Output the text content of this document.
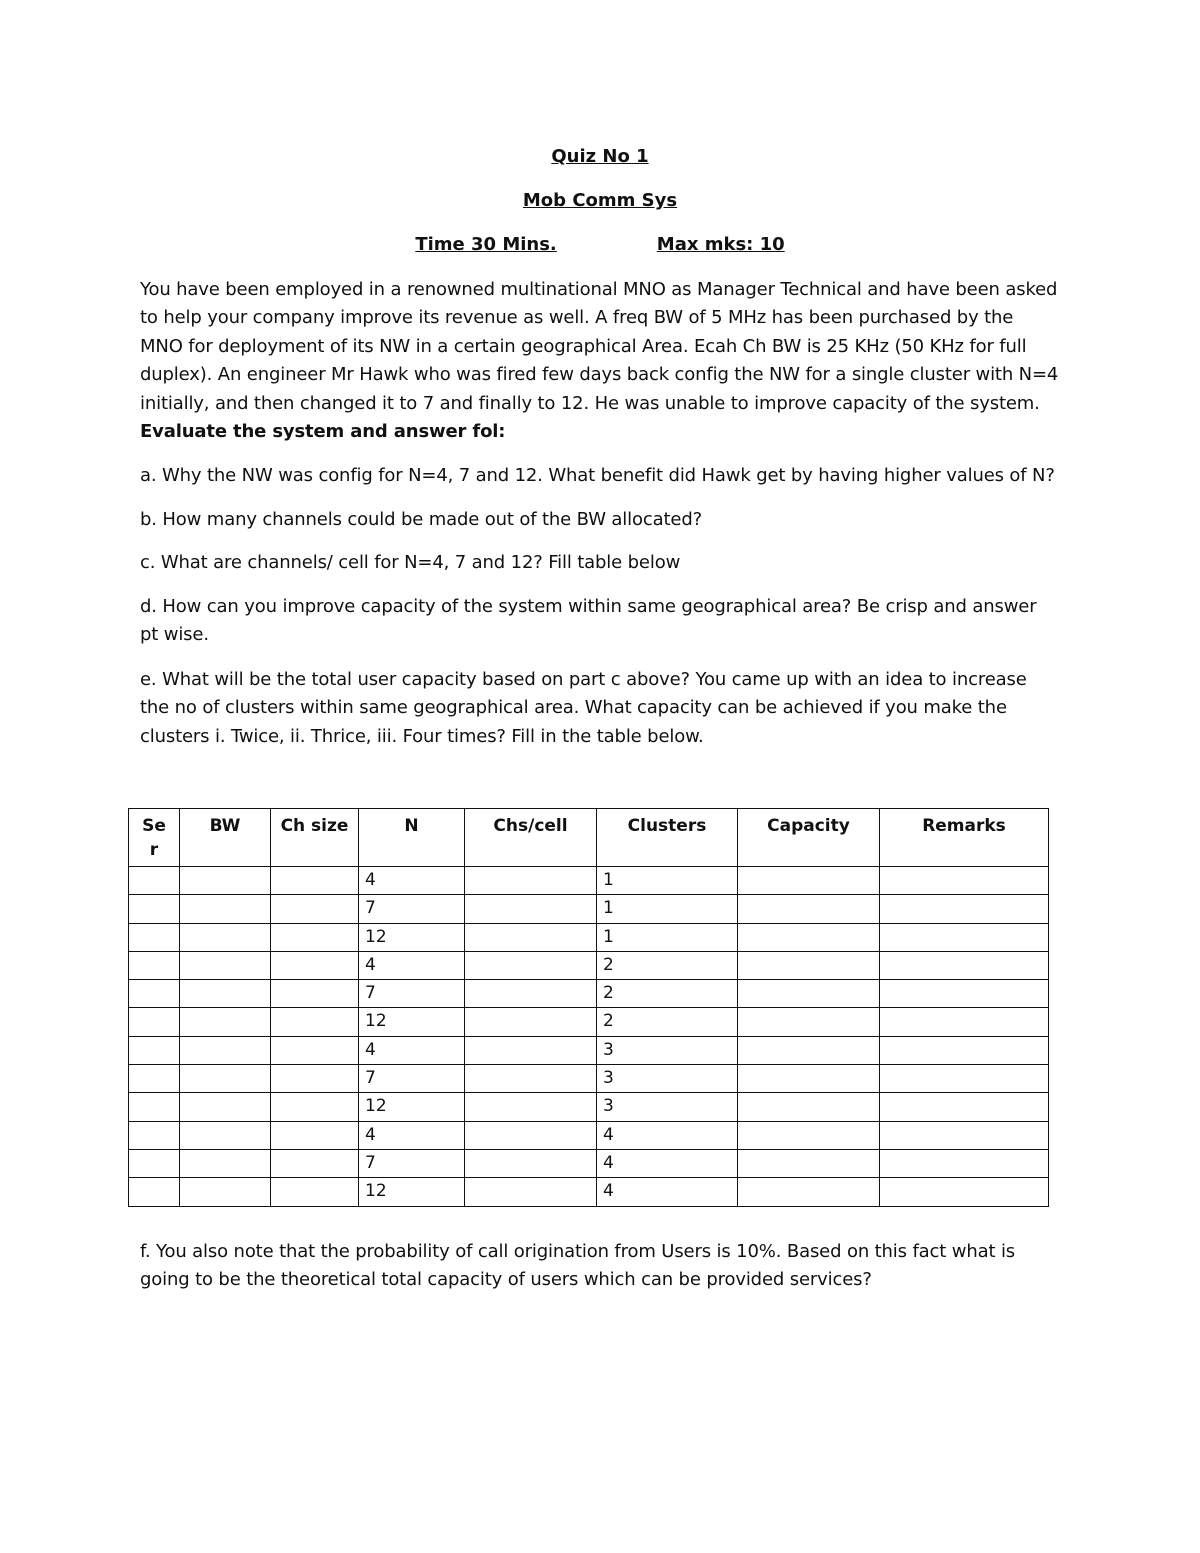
Quiz No 1
Mob Comm Sys
Time 30 Mins.	Max mks: 10

You have been employed in a renowned multinational MNO as Manager Technical and have been asked to help your company improve its revenue as well. A freq BW of 5 MHz has been purchased by the MNO for deployment of its NW in a certain geographical Area. Ecah Ch BW is 25 KHz (50 KHz for full duplex). An engineer Mr Hawk who was fired few days back config the NW for a single cluster with N=4 initially, and then changed it to 7 and finally to 12. He was unable to improve capacity of the system. Evaluate the system and answer fol:

a. Why the NW was config for N=4, 7 and 12. What benefit did Hawk get by having higher values of N?

b. How many channels could be made out of the BW allocated?

c. What are channels/ cell for N=4, 7 and 12? Fill table below

d. How can you improve capacity of the system within same geographical area? Be crisp and answer pt wise.

e. What will be the total user capacity based on part c above? You came up with an idea to increase the no of clusters within same geographical area. What capacity can be achieved if you make the clusters i. Twice, ii. Thrice, iii. Four times? Fill in the table below.

Se r	BW	Ch size	N	Chs/cell	Clusters	Capacity	Remarks
			4		1		
			7		1		
			12		1		
			4		2		
			7		2		
			12		2		
			4		3		
			7		3		
			12		3		
			4		4		
			7		4		
			12		4		

f. You also note that the probability of call origination from Users is 10%. Based on this fact what is going to be the theoretical total capacity of users which can be provided services?
